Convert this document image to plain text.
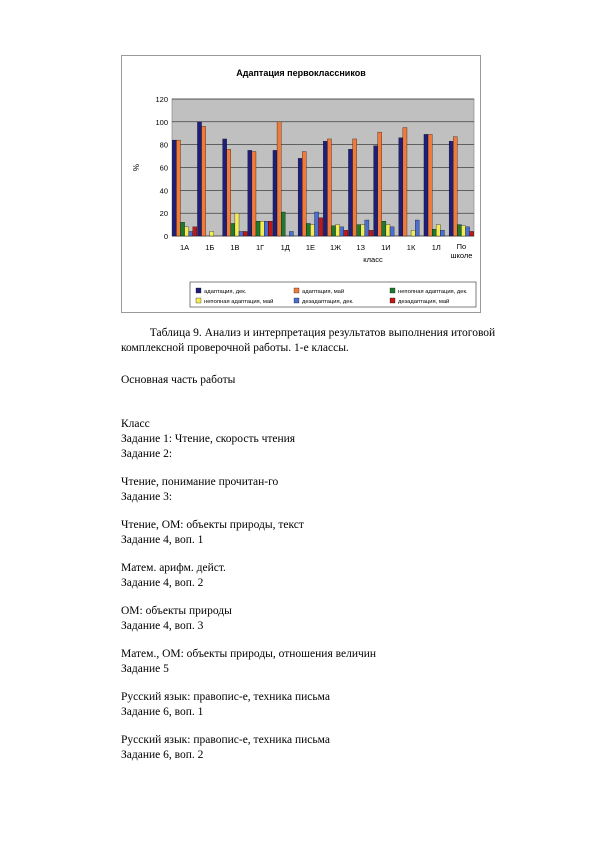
Адаптация первоклассников
0
20
40
60
80
100
120
%
1А 1Б 1В 1Г 1Д 1Е 1Ж 1З 1И 1К 1Л По
школе
класс
адаптация, дек.	адаптация, май	неполная адаптация, дек.
неполная адаптация, май	дезадаптация, дек.	дезадаптация, май

Таблица 9. Анализ и интерпретация результатов выполнения итоговой комплексной проверочной работы. 1-е классы.

Основная часть работы

Класс

Задание 1: Чтение, скорость чтения

Задание 2:

Чтение, понимание прочитан-го

Задание 3:

Чтение, ОМ: объекты природы, текст

Задание 4, воп. 1

Матем. арифм. дейст.

Задание 4, воп. 2

ОМ: объекты природы

Задание 4, воп. 3

Матем., ОМ: объекты природы, отношения величин

Задание 5

Русский язык: правопис-е, техника письма

Задание 6, воп. 1

Русский язык: правопис-е, техника письма

Задание 6, воп. 2
